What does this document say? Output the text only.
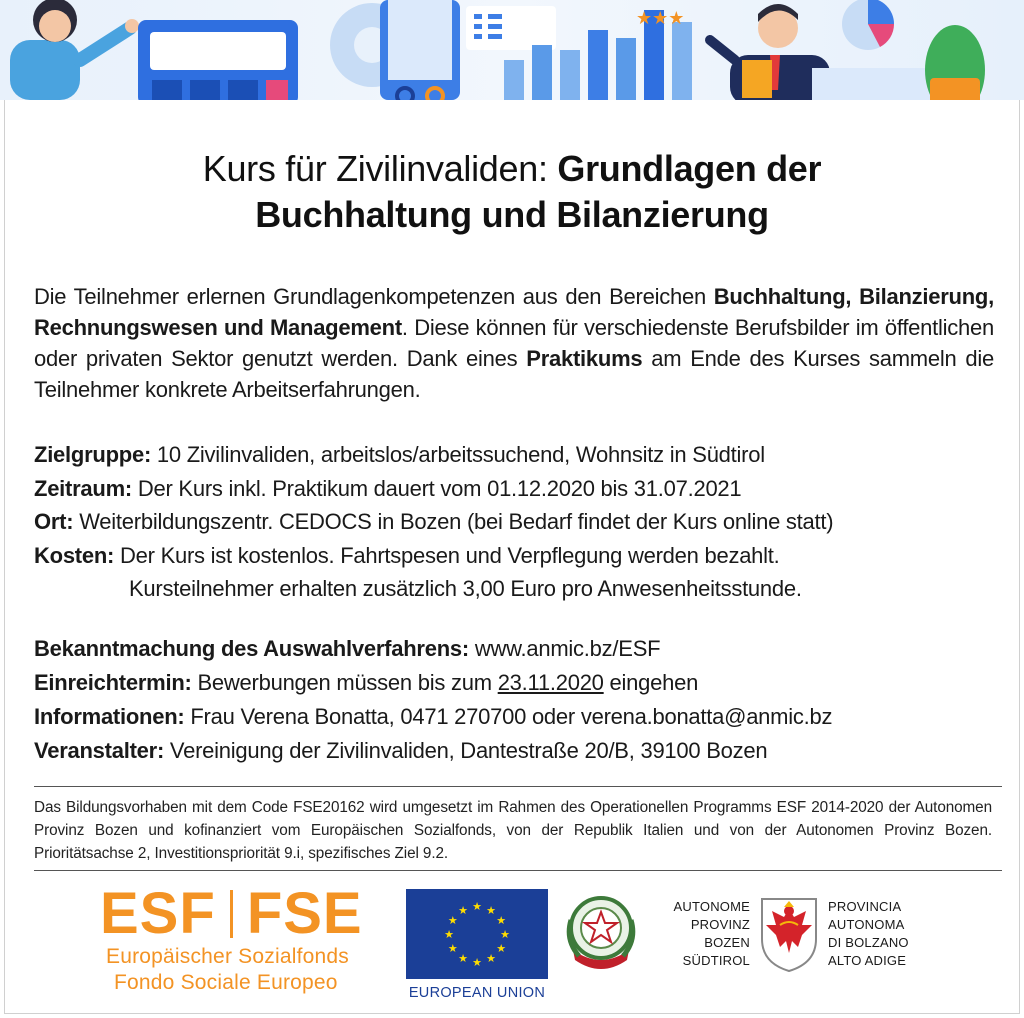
★★★
Kurs für Zivilinvaliden: Grundlagen der
Buchhaltung und Bilanzierung
Die Teilnehmer erlernen Grundlagenkompetenzen aus den Bereichen Buchhaltung, Bilanzierung, Rechnungswesen und Management. Diese können für verschiedenste Berufsbilder im öffentlichen oder privaten Sektor genutzt werden. Dank eines Praktikums am Ende des Kurses sammeln die Teilnehmer konkrete Arbeitserfahrungen.
Zielgruppe: 10 Zivilinvaliden, arbeitslos/arbeitssuchend, Wohnsitz in Südtirol
Zeitraum: Der Kurs inkl. Praktikum dauert vom 01.12.2020 bis 31.07.2021
Ort: Weiterbildungszentr. CEDOCS in Bozen (bei Bedarf findet der Kurs online statt)
Kosten: Der Kurs ist kostenlos. Fahrtspesen und Verpflegung werden bezahlt.
Kursteilnehmer erhalten zusätzlich 3,00 Euro pro Anwesenheitsstunde.
Bekanntmachung des Auswahlverfahrens: www.anmic.bz/ESF
Einreichtermin: Bewerbungen müssen bis zum 23.11.2020 eingehen
Informationen: Frau Verena Bonatta, 0471 270700 oder verena.bonatta@anmic.bz
Veranstalter: Vereinigung der Zivilinvaliden, Dantestraße 20/B, 39100 Bozen
Das Bildungsvorhaben mit dem Code FSE20162 wird umgesetzt im Rahmen des Operationellen Programms ESF 2014-2020 der Autonomen Provinz Bozen und kofinanziert vom Europäischen Sozialfonds, von der Republik Italien und von der Autonomen Provinz Bozen. Prioritätsachse 2, Investitionspriorität 9.i, spezifisches Ziel 9.2.
ESF FSE
Europäischer Sozialfonds
Fondo Sociale Europeo
★ ★
★
★
★
★
★
★
★
★
★
★
EUROPEAN UNION
AUTONOME
PROVINZ
BOZEN
SÜDTIROL
PROVINCIA
AUTONOMA
DI BOLZANO
ALTO ADIGE
